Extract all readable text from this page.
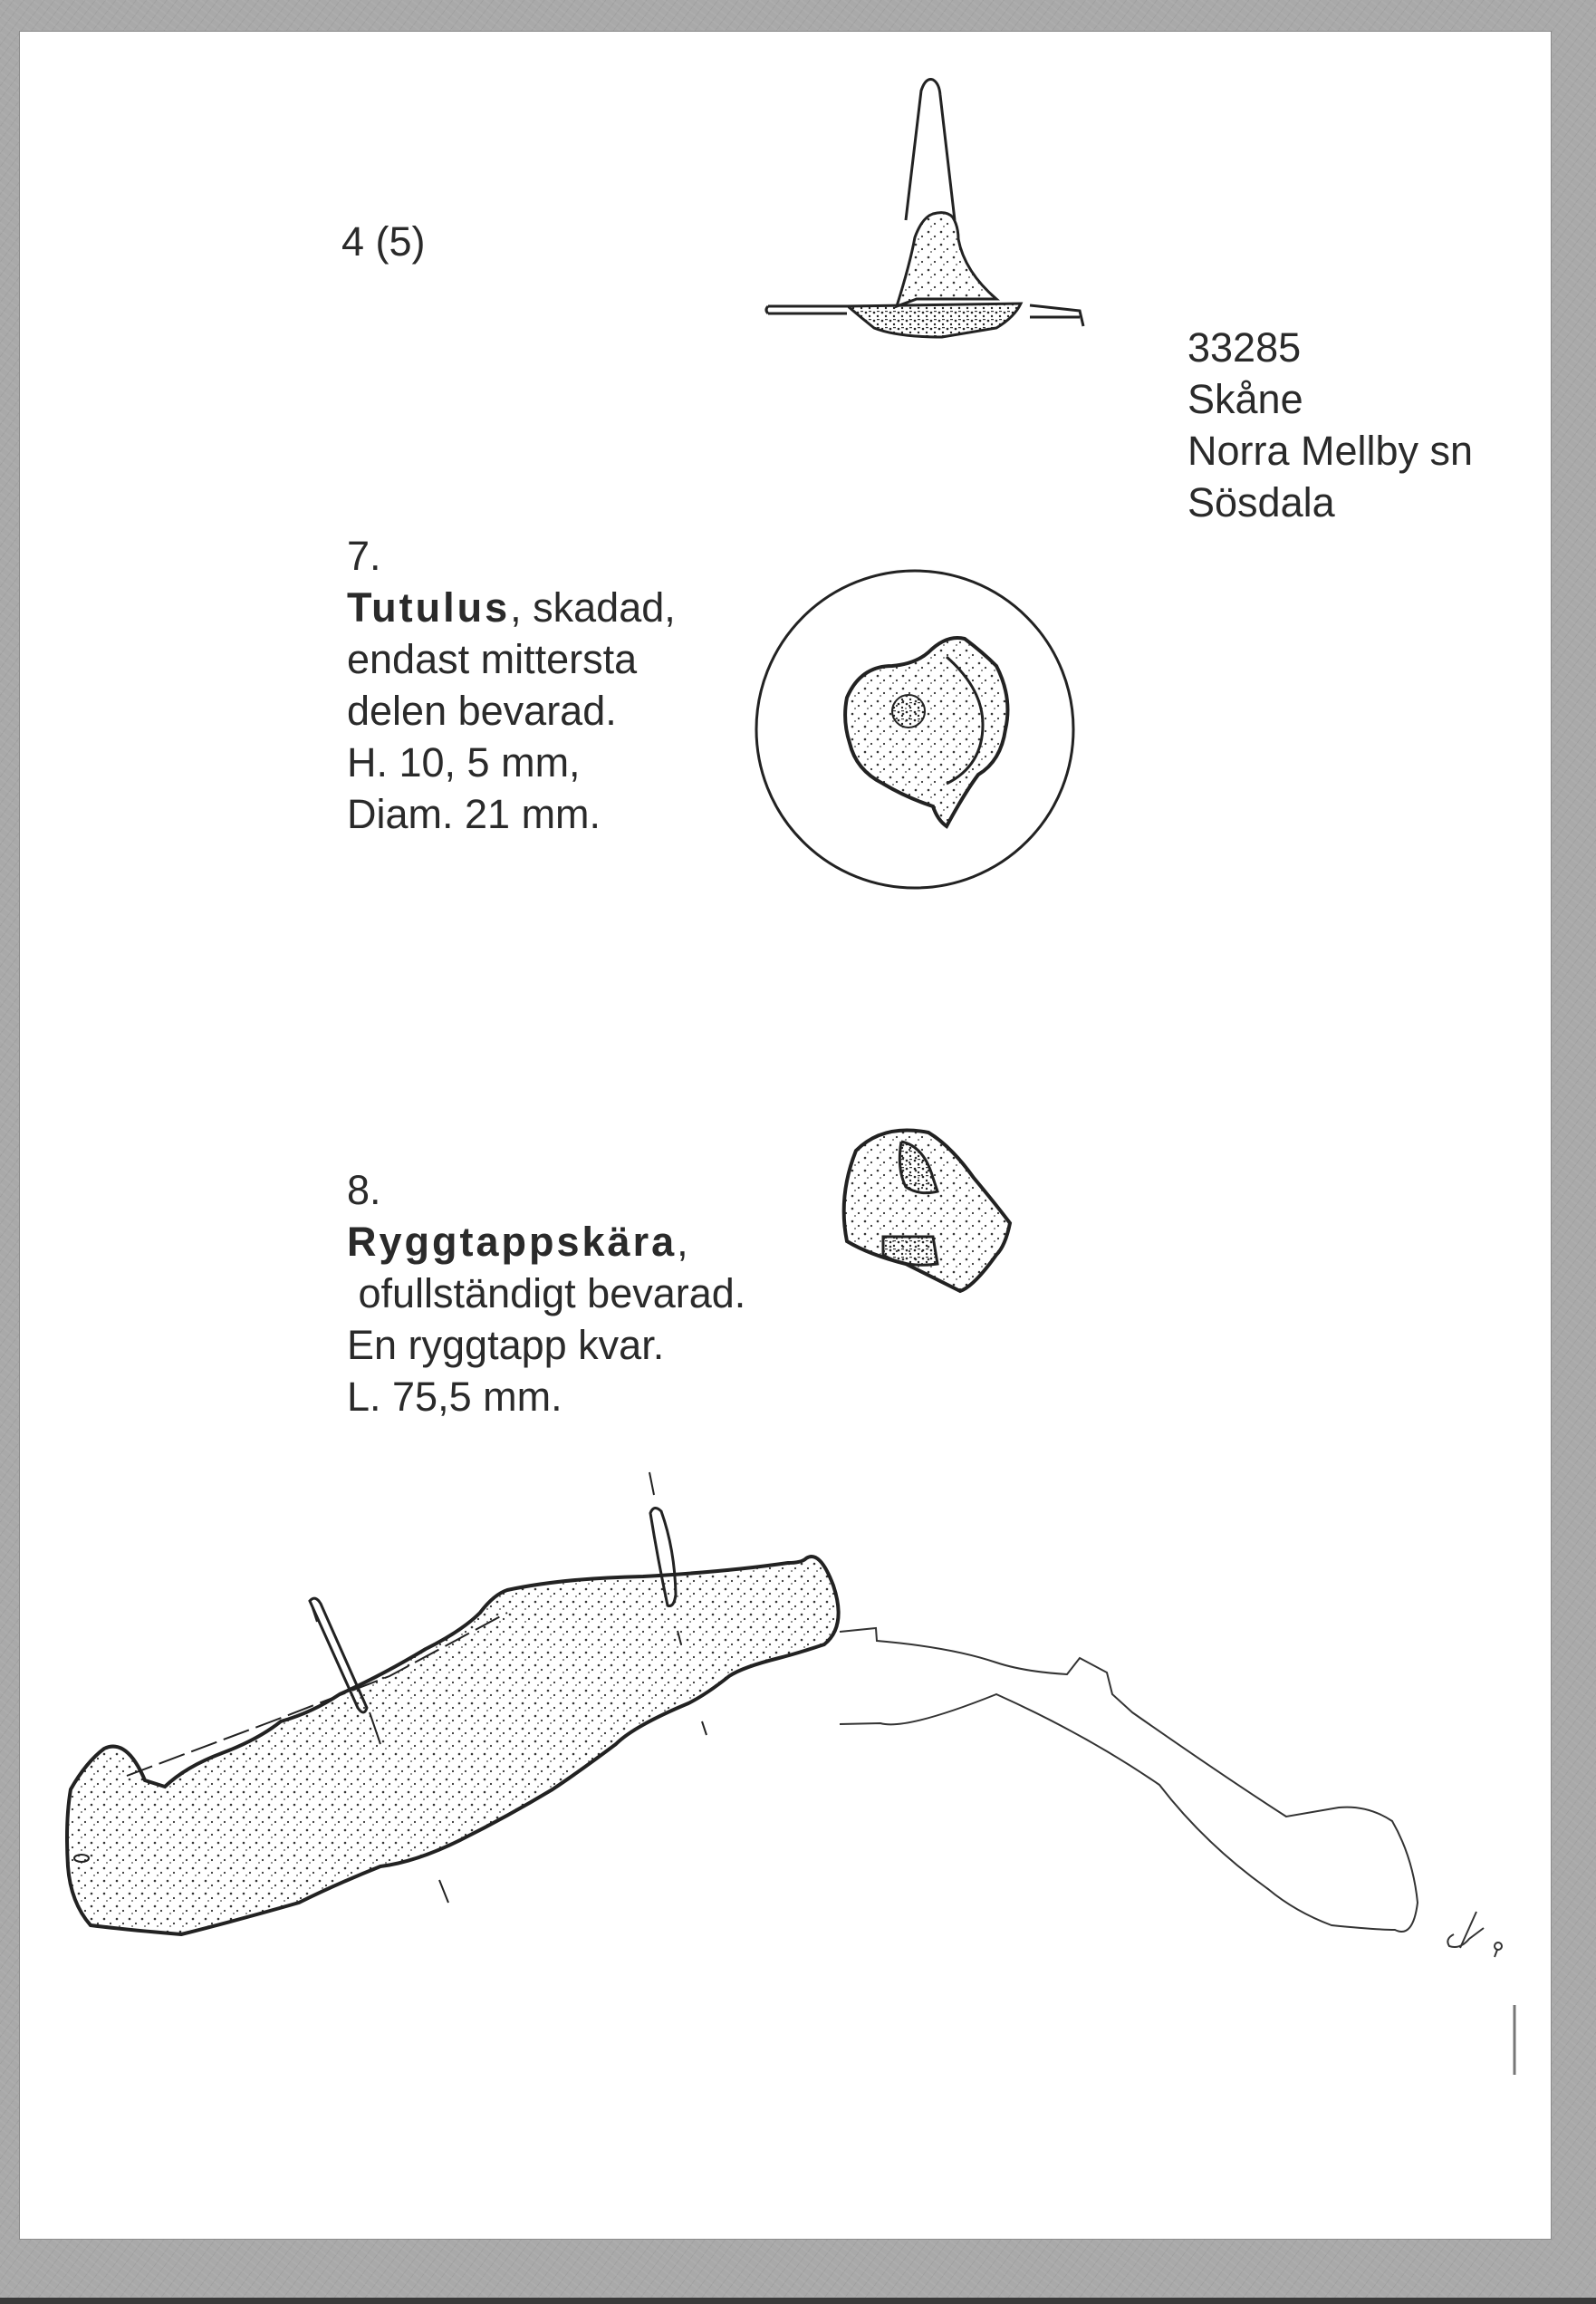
4 (5)
33285
Skåne
Norra Mellby sn
Sösdala
7.
Tutulus, skadad,
endast mittersta
delen bevarad.
H. 10, 5 mm,
Diam. 21 mm.
8.
Ryggtappskära,
ofullständigt bevarad.
En ryggtapp kvar.
L. 75,5 mm.
